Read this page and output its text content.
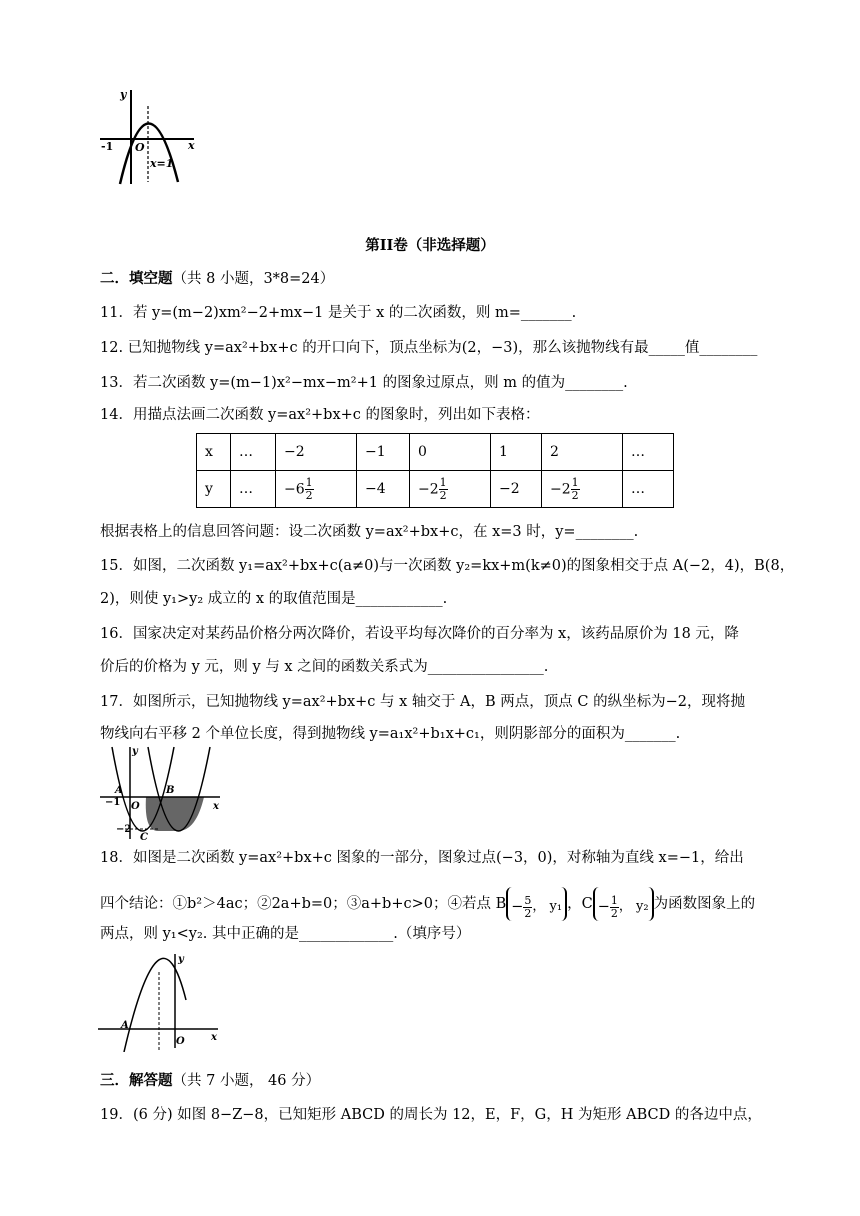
y
x
-1 O
x=1
第II卷（非选择题）
二．填空题（共 8 小题，3*8=24）
11．若 y=(m−2)xm²−2+mx−1 是关于 x 的二次函数，则 m=_______.
12. 已知抛物线 y=ax²+bx+c 的开口向下，顶点坐标为(2，−3)，那么该抛物线有最_____值________
13．若二次函数 y=(m−1)x²−mx−m²+1 的图象过原点，则 m 的值为________.
14．用描点法画二次函数 y=ax²+bx+c 的图象时，列出如下表格：
x	…	−2	−1	0	1	2	…
y	…	$-6 \frac{1}{2}$	−4	$-2 \frac{1}{2}$	−2	$-2 \frac{1}{2}$	…
根据表格上的信息回答问题：设二次函数 y=ax²+bx+c，在 x=3 时，y=________.
15．如图，二次函数 y₁=ax²+bx+c(a≠0)与一次函数 y₂=kx+m(k≠0)的图象相交于点 A(−2，4)，B(8，
2)，则使 y₁>y₂ 成立的 x 的取值范围是____________.
16．国家决定对某药品价格分两次降价，若设平均每次降价的百分率为 x，该药品原价为 18 元，降
价后的价格为 y 元，则 y 与 x 之间的函数关系式为________________.
17．如图所示，已知抛物线 y=ax²+bx+c 与 x 轴交于 A，B 两点，顶点 C 的纵坐标为−2，现将抛
物线向右平移 2 个单位长度，得到抛物线 y=a₁x²+b₁x+c₁，则阴影部分的面积为_______.
y
x
A
O
B
C
−1
−2
18．如图是二次函数 y=ax²+bx+c 图象的一部分，图象过点(−3，0)，对称轴为直线 x=−1，给出
四个结论：①b²＞4ac；②2a+b=0；③a+b+c>0；④若点 $B - \frac{5}{2}$ ， y₁ ，$C - \frac{1}{2}$ ， y₂ 为函数图象上的
两点，则 y₁<y₂. 其中正确的是_____________.（填序号）
y
x
A
O
三．解答题（共 7 小题， 46 分）
19．(6 分) 如图 8−Z−8，已知矩形 ABCD 的周长为 12，E，F，G，H 为矩形 ABCD 的各边中点，
